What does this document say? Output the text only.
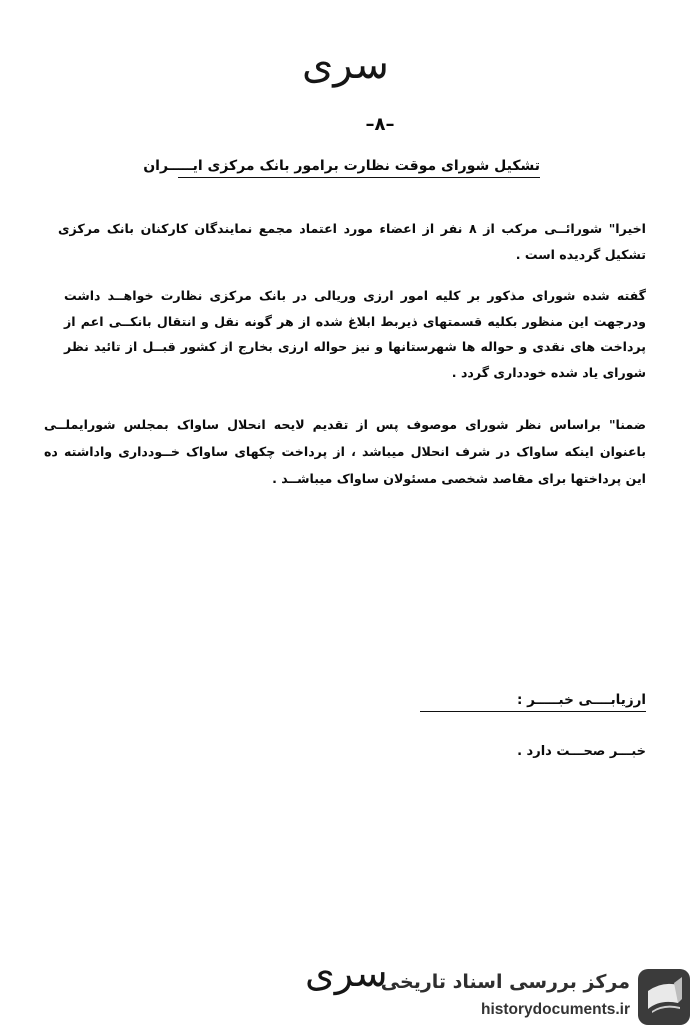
سری
–۸–
تشکیل شورای موقت نظارت برامور بانک مرکزی ایـــــران
اخیرا" شورائــی مرکب از ۸ نفر از اعضاء مورد اعتماد مجمع نمایندگان کارکنان بانک مرکزی تشکیل گردیده است .
گفته شده شورای مذکور بر کلیه امور ارزی وریالی در بانک مرکزی نظارت خواهــد داشت ودرجهت این منظور بکلیه قسمتهای ذیربط ابلاغ شده از هر گونه نقل و انتقال بانکــی اعم از پرداخت های نقدی و حواله ها شهرستانها و نیز حواله ارزی بخارج از کشور قبــل از تائید نظر شورای یاد شده خودداری گردد .
ضمنا" براساس نظر شورای موصوف پس از تقدیم لایحه انحلال ساواک بمجلس شورایملــی باعنوان اینکه ساواک در شرف انحلال میباشد ، از پرداخت چکهای ساواک خــودداری واداشته ده این پرداختها برای مقاصد شخصی مسئولان ساواک میباشــد .
ارزیابــــی خبـــــر :
خبـــر صحـــت دارد .
سری
مرکز بررسی اسناد تاریخی
historydocuments.ir
